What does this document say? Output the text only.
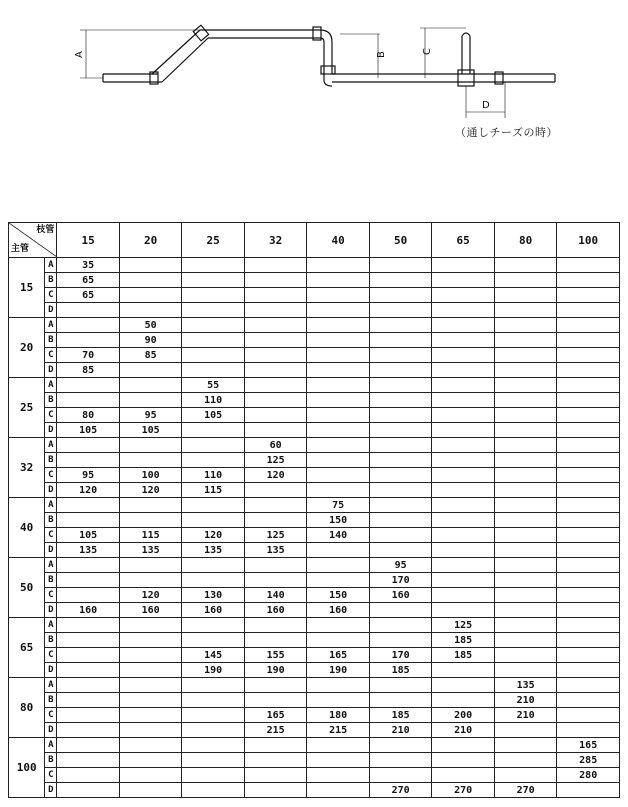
A	B	C
D
（通しチーズの時）
枝管
主管		15	20	25	32	40	50	65	80	100
15	A	35								
	B	65								
	C	65								
	D									
20	A		50							
	B		90							
	C	70	85							
	D	85								
25	A			55						
	B			110						
	C	80	95	105						
	D	105	105							
32	A				60					
	B				125					
	C	95	100	110	120					
	D	120	120	115						
40	A					75				
	B					150				
	C	105	115	120	125	140				
	D	135	135	135	135					
50	A						95			
	B						170			
	C		120	130	140	150	160			
	D	160	160	160	160	160				
65	A							125		
	B							185		
	C			145	155	165	170	185		
	D			190	190	190	185			
80	A								135	
	B								210	
	C				165	180	185	200	210	
	D				215	215	210	210		
100	A									165
	B									285
	C									280
	D						270	270	270	
